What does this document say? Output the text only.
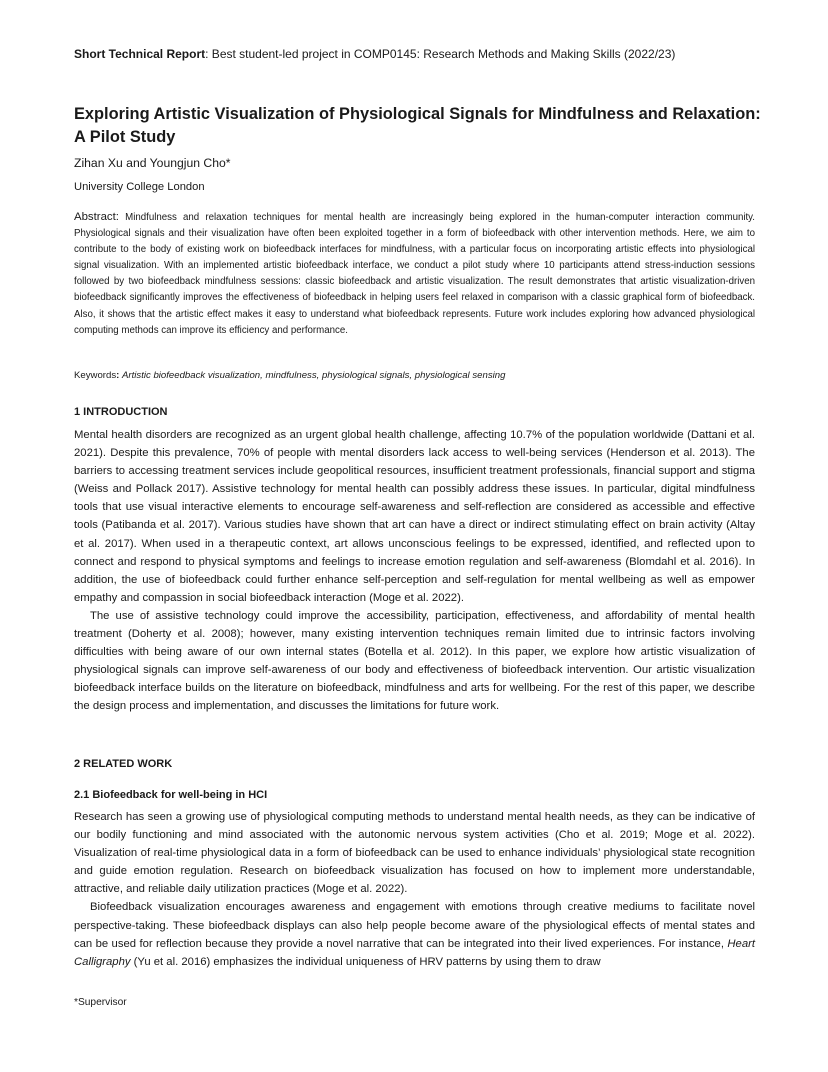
Short Technical Report: Best student-led project in COMP0145: Research Methods and Making Skills (2022/23)
Exploring Artistic Visualization of Physiological Signals for Mindfulness and Relaxation: A Pilot Study
Zihan Xu and Youngjun Cho*
University College London
Abstract: Mindfulness and relaxation techniques for mental health are increasingly being explored in the human-computer interaction community. Physiological signals and their visualization have often been exploited together in a form of biofeedback with other intervention methods. Here, we aim to contribute to the body of existing work on biofeedback interfaces for mindfulness, with a particular focus on incorporating artistic effects into physiological signal visualization. With an implemented artistic biofeedback interface, we conduct a pilot study where 10 participants attend stress-induction sessions followed by two biofeedback mindfulness sessions: classic biofeedback and artistic visualization. The result demonstrates that artistic visualization-driven biofeedback significantly improves the effectiveness of biofeedback in helping users feel relaxed in comparison with a classic graphical form of biofeedback. Also, it shows that the artistic effect makes it easy to understand what biofeedback represents. Future work includes exploring how advanced physiological computing methods can improve its efficiency and performance.
Keywords: Artistic biofeedback visualization, mindfulness, physiological signals, physiological sensing
1 INTRODUCTION

Mental health disorders are recognized as an urgent global health challenge, affecting 10.7% of the population worldwide (Dattani et al. 2021). Despite this prevalence, 70% of people with mental disorders lack access to well-being services (Henderson et al. 2013). The barriers to accessing treatment services include geopolitical resources, insufficient treatment professionals, financial support and stigma (Weiss and Pollack 2017). Assistive technology for mental health can possibly address these issues. In particular, digital mindfulness tools that use visual interactive elements to encourage self-awareness and self-reflection are considered as accessible and effective tools (Patibanda et al. 2017). Various studies have shown that art can have a direct or indirect stimulating effect on brain activity (Altay et al. 2017). When used in a therapeutic context, art allows unconscious feelings to be expressed, identified, and reflected upon to connect and respond to physical symptoms and feelings to increase emotion regulation and self-awareness (Blomdahl et al. 2016). In addition, the use of biofeedback could further enhance self-perception and self-regulation for mental wellbeing as well as empower empathy and compassion in social biofeedback interaction (Moge et al. 2022).

The use of assistive technology could improve the accessibility, participation, effectiveness, and affordability of mental health treatment (Doherty et al. 2008); however, many existing intervention techniques remain limited due to intrinsic factors involving difficulties with being aware of our own internal states (Botella et al. 2012). In this paper, we explore how artistic visualization of physiological signals can improve self-awareness of our body and effectiveness of biofeedback intervention. Our artistic visualization biofeedback interface builds on the literature on biofeedback, mindfulness and arts for wellbeing. For the rest of this paper, we describe the design process and implementation, and discusses the limitations for future work.

2 RELATED WORK
2.1 Biofeedback for well-being in HCI

Research has seen a growing use of physiological computing methods to understand mental health needs, as they can be indicative of our bodily functioning and mind associated with the autonomic nervous system activities (Cho et al. 2019; Moge et al. 2022). Visualization of real-time physiological data in a form of biofeedback can be used to enhance individuals’ physiological state recognition and guide emotion regulation. Research on biofeedback visualization has focused on how to implement more understandable, attractive, and reliable daily utilization practices (Moge et al. 2022).

Biofeedback visualization encourages awareness and engagement with emotions through creative mediums to facilitate novel perspective-taking. These biofeedback displays can also help people become aware of the physiological effects of mental states and can be used for reflection because they provide a novel narrative that can be integrated into their lived experiences. For instance, Heart Calligraphy (Yu et al. 2016) emphasizes the individual uniqueness of HRV patterns by using them to draw

*Supervisor
